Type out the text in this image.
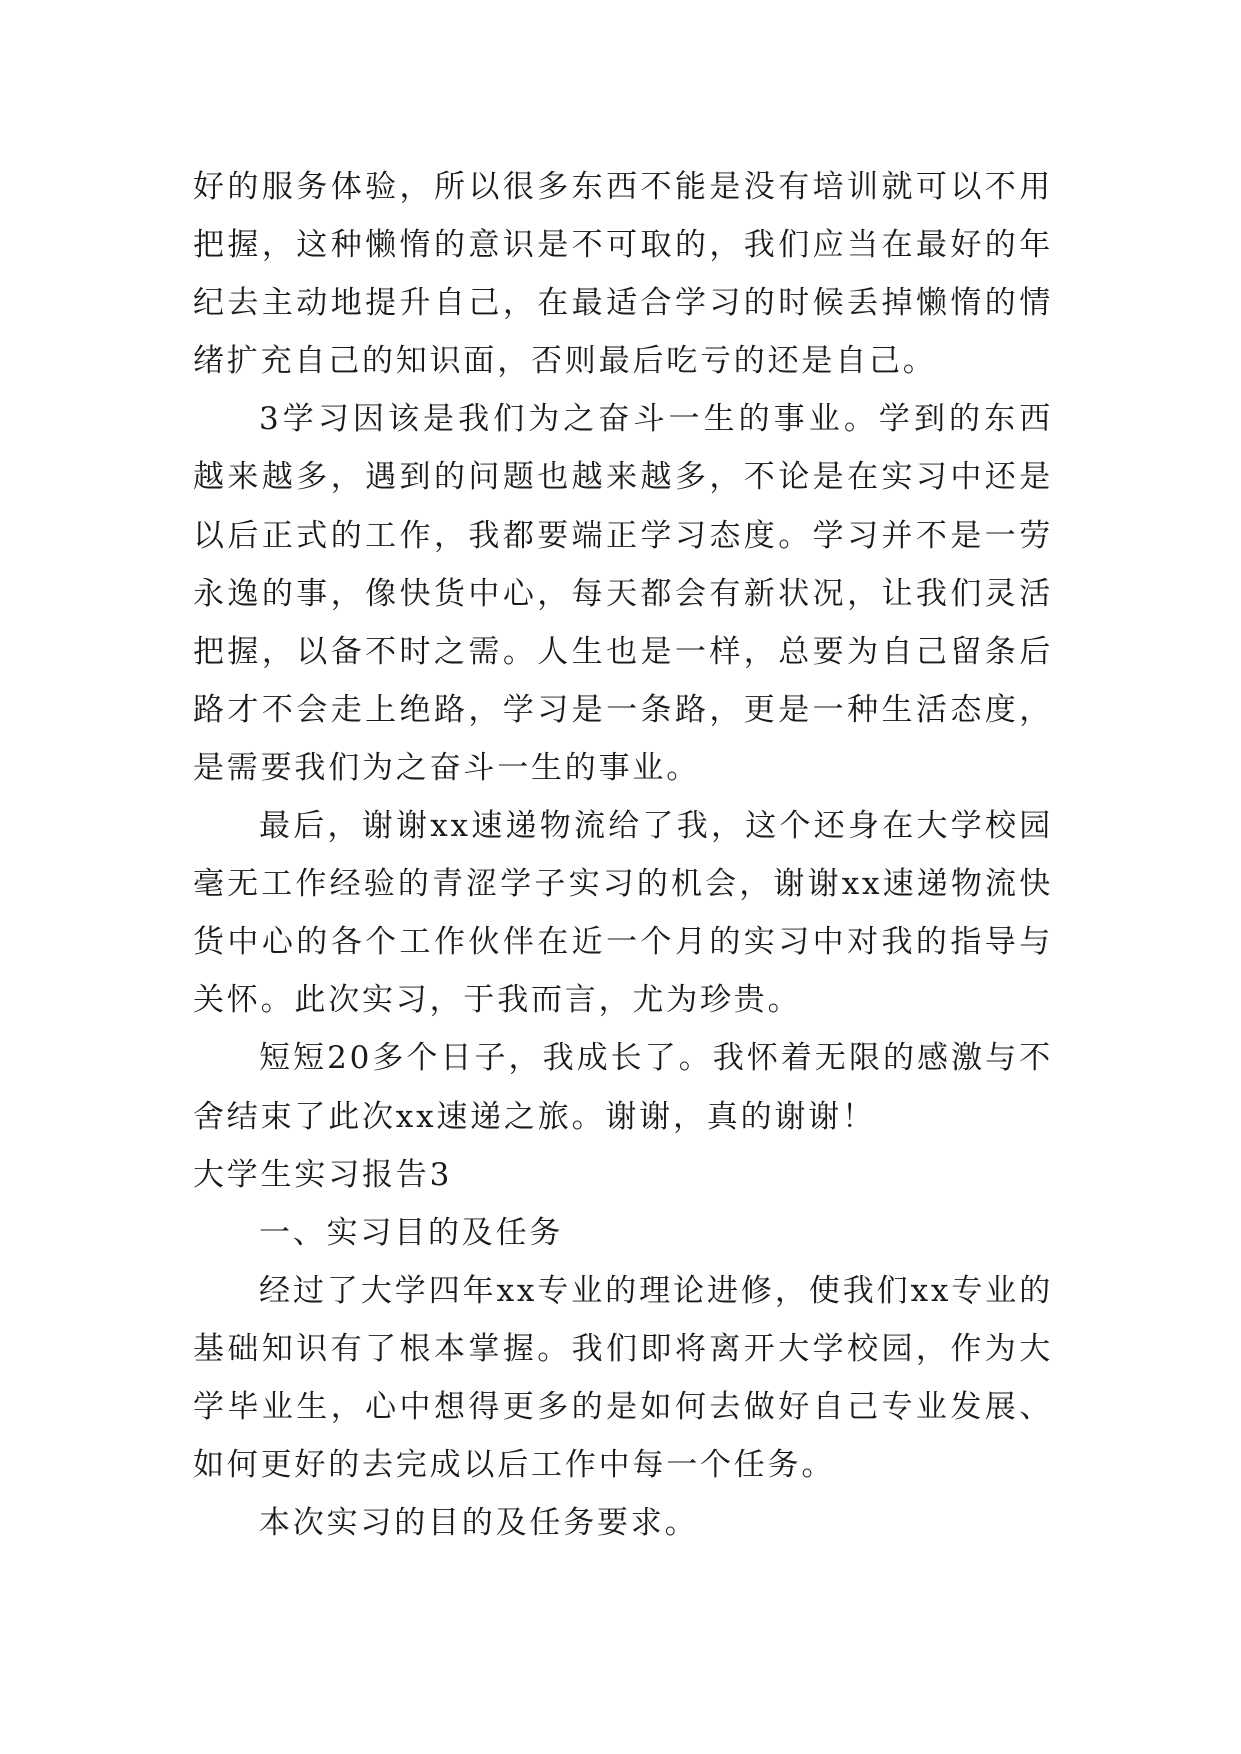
好的服务体验，所以很多东西不能是没有培训就可以不用把握，这种懒惰的意识是不可取的，我们应当在最好的年纪去主动地提升自己，在最适合学习的时候丢掉懒惰的情绪扩充自己的知识面，否则最后吃亏的还是自己。

3学习因该是我们为之奋斗一生的事业。学到的东西越来越多，遇到的问题也越来越多，不论是在实习中还是以后正式的工作，我都要端正学习态度。学习并不是一劳永逸的事，像快货中心，每天都会有新状况，让我们灵活把握，以备不时之需。人生也是一样，总要为自己留条后路才不会走上绝路，学习是一条路，更是一种生活态度，是需要我们为之奋斗一生的事业。

最后，谢谢xx速递物流给了我，这个还身在大学校园毫无工作经验的青涩学子实习的机会，谢谢xx速递物流快货中心的各个工作伙伴在近一个月的实习中对我的指导与关怀。此次实习，于我而言，尤为珍贵。

短短20多个日子，我成长了。我怀着无限的感激与不舍结束了此次xx速递之旅。谢谢，真的谢谢！

大学生实习报告3

一、实习目的及任务

经过了大学四年xx专业的理论进修，使我们xx专业的基础知识有了根本掌握。我们即将离开大学校园，作为大学毕业生，心中想得更多的是如何去做好自己专业发展、如何更好的去完成以后工作中每一个任务。

本次实习的目的及任务要求。
